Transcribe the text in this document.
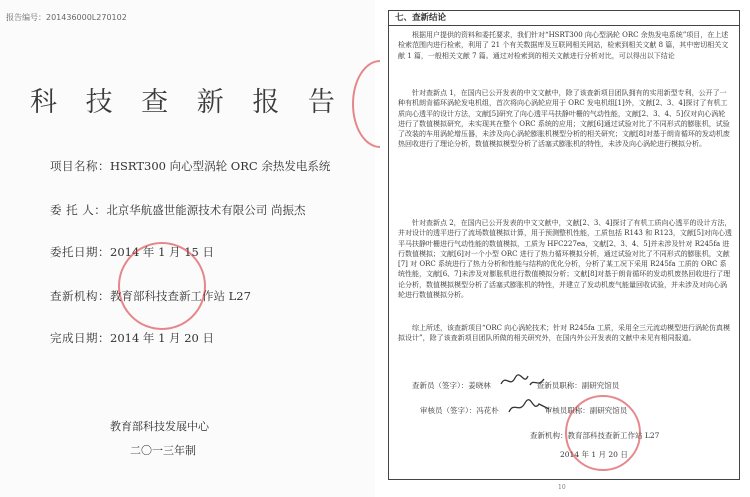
报告编号：201436000L270102
科 技 查 新 报 告
项目名称：HSRT300 向心型涡轮 ORC 余热发电系统
委 托 人：北京华航盛世能源技术有限公司 尚振杰
委托日期：2014 年 1 月 15 日
查新机构：教育部科技查新工作站 L27
完成日期：2014 年 1 月 20 日
教育部科技发展中心
二〇一三年制
七、查新结论

根据用户提供的资料和委托要求，我们针对“HSRT300 向心型涡轮 ORC 余热发电系统”项目，在上述检索范围内进行检索，利用了 21 个有关数据库及互联网相关网站，检索到相关文献 8 篇，其中密切相关文献 1 篇，一般相关文献 7 篇。通过对检索到的相关文献进行分析对比，可以得出以下结论

针对查新点 1，在国内已公开发表的中文文献中，除了该查新项目团队拥有的实用新型专利，公开了一种有机朗肯循环涡轮发电机组，首次将向心涡轮应用于 ORC 发电机组[1]外，文献[2、3、4]探讨了有机工质向心透平的设计方法，文献[5]研究了向心透平马扶静叶栅的气动性能，文献[2、3、4、5]仅对向心涡轮进行了数值模拟研究，未实现其在整个 ORC 系统的应用；文献[6]通过试验对比了不同形式的膨胀机，试验了改装的车用涡轮增压器，未涉及向心涡轮膨胀机模型分析的相关研究；文献[8]对基于朗肯循环的发动机废热回收进行了理论分析，数值模拟模型分析了活塞式膨胀机的特性，未涉及向心涡轮进行模拟分析。

针对查新点 2，在国内已公开发表的中文文献中，文献[2、3、4]探讨了有机工质向心透平的设计方法，并对设计的透平进行了流场数值模拟计算，用于预测整机性能，工质包括 R143 和 R123，文献[5]对向心透平马扶静叶栅进行气动性能的数值模拟，工质为 HFC227ea，文献[2、3、4、5]并未涉及针对 R245fa 进行数值模拟；文献[6]对一个小型 ORC 进行了热力循环模拟分析，通过试验对比了不同形式的膨胀机，文献[7] 对 ORC 系统进行了热力分析和性能与结构的优化分析，分析了某工况下采用 R245fa 工质的 ORC 系统性能，文献[6、7]未涉及对膨胀机进行数值模拟分析；文献[8]对基于朗肯循环的发动机废热回收进行了理论分析，数值模拟模型分析了活塞式膨胀机的特性，并建立了发动机废气能量回收试验，并未涉及对向心涡轮进行数值模拟分析。

综上所述，该查新项目“ORC 向心涡轮技术；针对 R245fa 工质，采用全三元流动模型进行涡轮仿真模拟设计”，除了该查新项目团队所做的相关研究外，在国内外公开发表的文献中未见有相同报道。

查新员（签字）：姜晓林	查新员职称：副研究馆员
审核员（签字）：冯花朴	审核员职称：副研究馆员
查新机构：教育部科技查新工作站 L27
2014 年 1 月 20 日
10
